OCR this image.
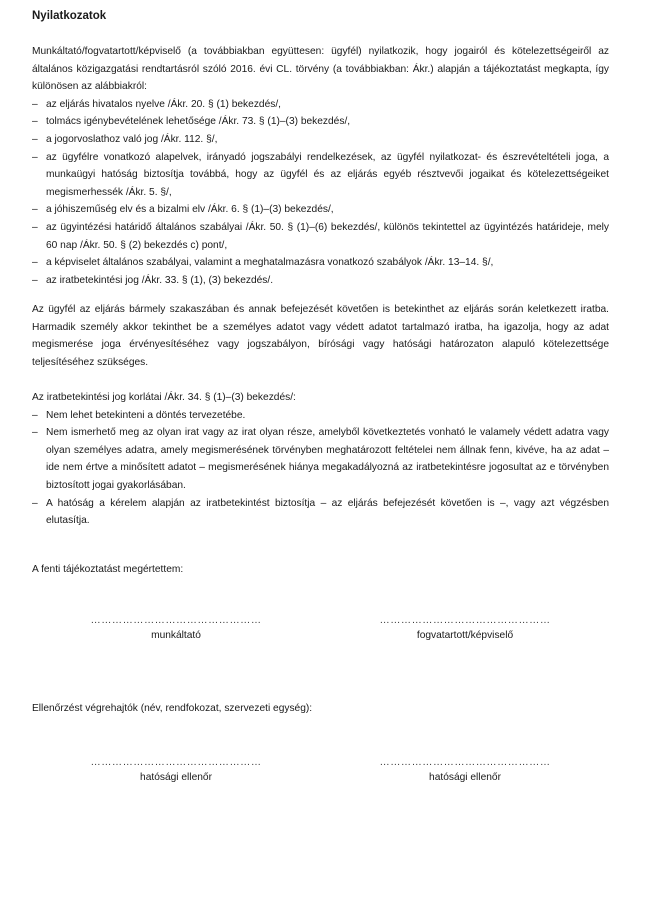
Nyilatkozatok

Munkáltató/fogvatartott/képviselő (a továbbiakban együttesen: ügyfél) nyilatkozik, hogy jogairól és kötelezettségeiről az általános közigazgatási rendtartásról szóló 2016. évi CL. törvény (a továbbiakban: Ákr.) alapján a tájékoztatást megkapta, így különösen az alábbiakról:

– az eljárás hivatalos nyelve /Ákr. 20. § (1) bekezdés/,
– tolmács igénybevételének lehetősége /Ákr. 73. § (1)–(3) bekezdés/,
– a jogorvoslathoz való jog /Ákr. 112. §/,
– az ügyfélre vonatkozó alapelvek, irányadó jogszabályi rendelkezések, az ügyfél nyilatkozat- és észrevételtételi joga, a munkaügyi hatóság biztosítja továbbá, hogy az ügyfél és az eljárás egyéb résztvevői jogaikat és kötelezettségeiket megismerhessék /Ákr. 5. §/,
– a jóhiszeműség elv és a bizalmi elv /Ákr. 6. § (1)–(3) bekezdés/,
– az ügyintézési határidő általános szabályai /Ákr. 50. § (1)–(6) bekezdés/, különös tekintettel az ügyintézés határideje, mely 60 nap /Ákr. 50. § (2) bekezdés c) pont/,
– a képviselet általános szabályai, valamint a meghatalmazásra vonatkozó szabályok /Ákr. 13–14. §/,
– az iratbetekintési jog /Ákr. 33. § (1), (3) bekezdés/.

Az ügyfél az eljárás bármely szakaszában és annak befejezését követően is betekinthet az eljárás során keletkezett iratba. Harmadik személy akkor tekinthet be a személyes adatot vagy védett adatot tartalmazó iratba, ha igazolja, hogy az adat megismerése joga érvényesítéséhez vagy jogszabályon, bírósági vagy hatósági határozaton alapuló kötelezettsége teljesítéséhez szükséges.

Az iratbetekintési jog korlátai /Ákr. 34. § (1)–(3) bekezdés/:

– Nem lehet betekinteni a döntés tervezetébe.
– Nem ismerhető meg az olyan irat vagy az irat olyan része, amelyből következtetés vonható le valamely védett adatra vagy olyan személyes adatra, amely megismerésének törvényben meghatározott feltételei nem állnak fenn, kivéve, ha az adat – ide nem értve a minősített adatot – megismerésének hiánya megakadályozná az iratbetekintésre jogosultat az e törvényben biztosított jogai gyakorlásában.
– A hatóság a kérelem alapján az iratbetekintést biztosítja – az eljárás befejezését követően is –, vagy azt végzésben elutasítja.
A fenti tájékoztatást megértettem:
…………………………………………
munkáltató
…………………………………………
fogvatartott/képviselő
Ellenőrzést végrehajtók (név, rendfokozat, szervezeti egység):
…………………………………………
hatósági ellenőr
…………………………………………
hatósági ellenőr
